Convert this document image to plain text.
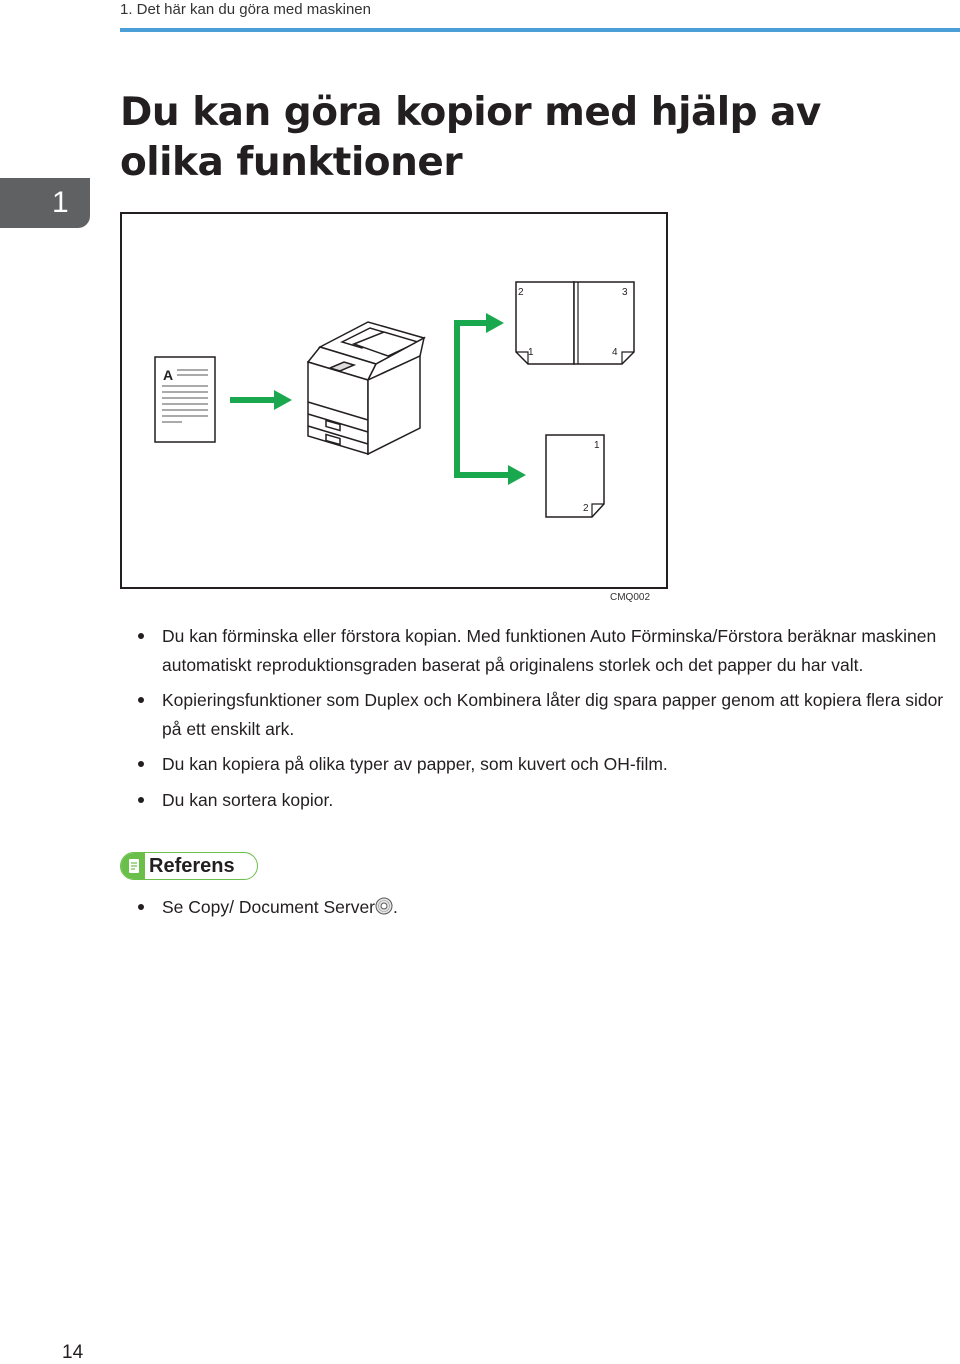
1. Det här kan du göra med maskinen
1
Du kan göra kopior med hjälp av olika funktioner
A
2	3
1	4
1
2
CMQ002
Du kan förminska eller förstora kopian. Med funktionen Auto Förminska/Förstora beräknar maskinen automatiskt reproduktionsgraden baserat på originalens storlek och det papper du har valt.
Kopieringsfunktioner som Duplex och Kombinera låter dig spara papper genom att kopiera flera sidor på ett enskilt ark.
Du kan kopiera på olika typer av papper, som kuvert och OH-film.
Du kan sortera kopior.
Referens
Se Copy/ Document Server .
14
